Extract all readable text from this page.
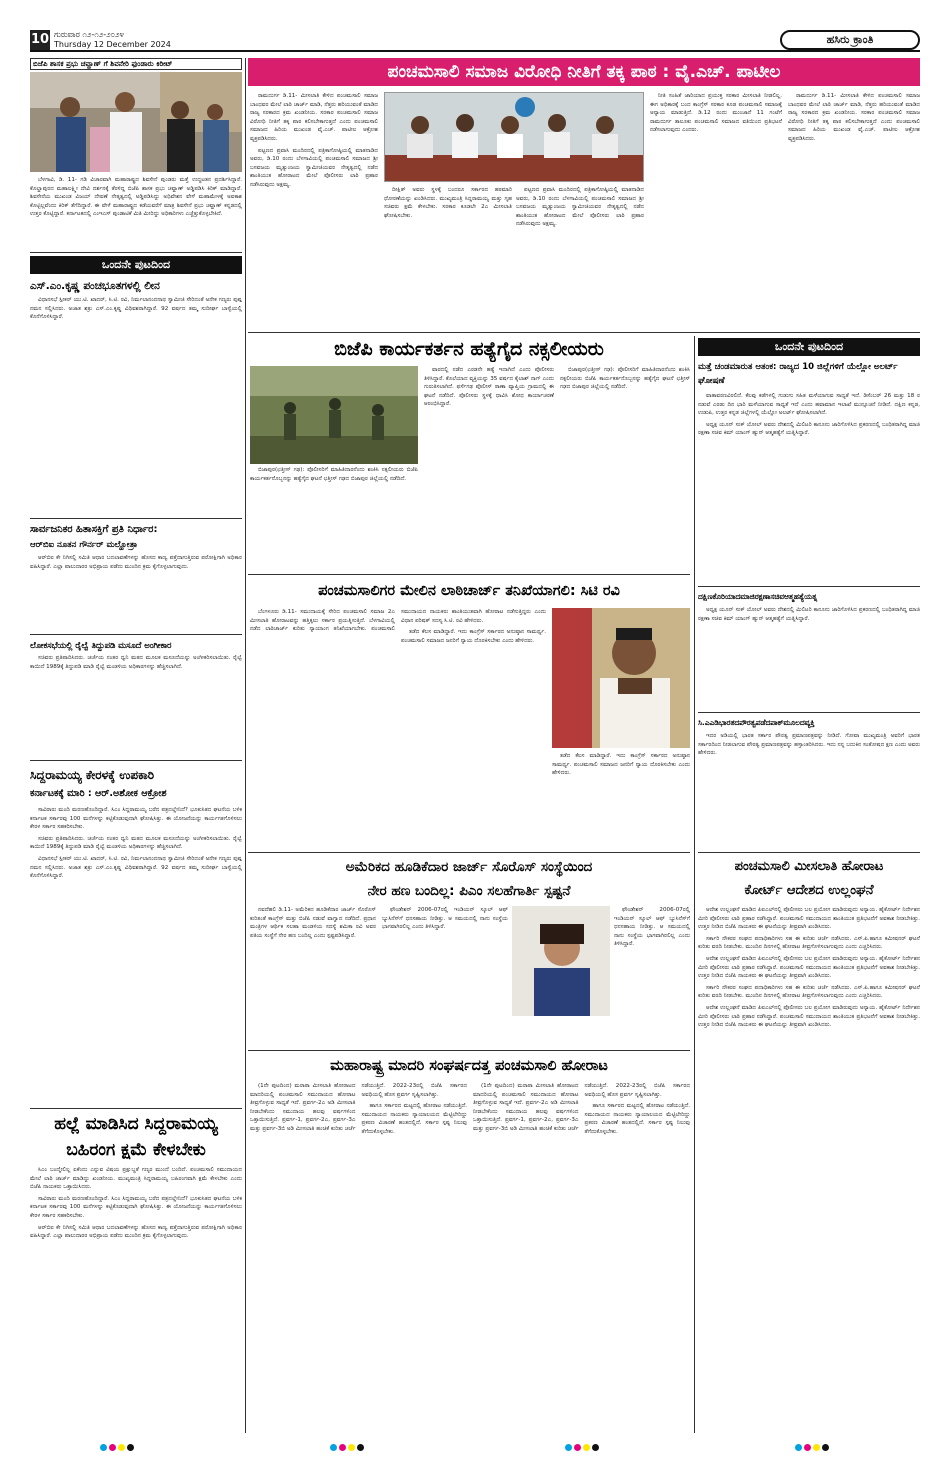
10 ಗುರುವಾರ ೧೨-೧೨-೨೦೨೪
Thursday 12 December 2024	ಹಸಿರು ಕ್ರಾಂತಿ
ಬಿಜೆಪಿ ಶಾಸಕ ಪ್ರಭು ಚವ್ಹಾಣ್ ಗೆ ಶಿವನೇರಿ ಫುಂಡಾರು ಕಿರೀಟ್

ಬೆಳಗಾವಿ, ಡಿ. 11- ಗಡಿ ವಿಚಾರವಾಗಿ ಮಹಾರಾಷ್ಟ್ರದ ಶಿವಸೇನೆ ಪುಂಡರು ಮತ್ತೆ ಉದ್ಧಟತನ ಪ್ರದರ್ಶಿಸಿದ್ದಾರೆ. ಕೊಲ್ಹಾಪುರದ ಮಹಾಲಕ್ಷ್ಮೀ ದೇವಿ ದರ್ಶನಕ್ಕೆ ತೆರಳಿದ್ದ ಬಿಜೆಪಿ ಶಾಸಕ ಪ್ರಭು ಚವ್ಹಾಣ್ ಅಡ್ಡಿಪಡಿಸಿ ಕಿರಿಕ್ ಮಾಡಿದ್ದಾರೆ. ಶಿವಸೇನೆಯ ಮುಖಂಡ ವಿಜಯ್ ದೇವಣೆ ನೇತೃತ್ವದಲ್ಲಿ ಅಡ್ಡಿಪಡಿಸಿದ್ದು ಅಧಿವೇಶನ ವೇಳೆ ಮಹಾಮೇಳಕ್ಕೆ ಅವಕಾಶ ಕೊಟ್ಟಿಲ್ಲವೆಂದು ಕಿರಿಕ್ ತೆಗೆದಿದ್ದಾರೆ. ಈ ವೇಳೆ ಮಹಾರಾಷ್ಟ್ರದ ಕಡೆಯವರೆಗೆ ಮಾತ್ರ ಶಿವಸೇನೆ ಪ್ರಭು ಚವ್ಹಾಣ್ ಕನ್ನಡದಲ್ಲಿ ಉತ್ತರ ಕೊಟ್ಟಿದ್ದಾರೆ. ಕರ್ನಾಟಕದಲ್ಲಿ ಎಂಇಎಸ್ ಪುಂಡಾಟಿಕೆ ಮಿತಿ ಮೀರಿದ್ದು ಅಧಿಕಾರಿಗಳು ಎಚ್ಚೆತ್ತುಕೊಳ್ಳಬೇಕಿದೆ.

ಪಂಚಮಸಾಲಿ ಸಮಾಜ ವಿರೋಧಿ ನೀತಿಗೆ ತಕ್ಕ ಪಾಠ : ವೈ.ಎಚ್. ಪಾಟೀಲ

ರಾಮದುರ್ಗ ಡಿ.11- ಮೀಸಲಾತಿ ಕೇಳಿದ ಪಂಚಮಸಾಲಿ ಸಮಾಜ ಬಾಂಧವರ ಮೇಲೆ ಲಾಠಿ ಚಾರ್ಜ್ ಮಾಡಿ, ನೆತ್ತರು ಹರಿಯುವಂತೆ ಮಾಡಿದ ರಾಜ್ಯ ಸರಕಾರದ ಕ್ರಮ ಖಂಡನೀಯ. ಸರಕಾರ ಪಂಚಮಸಾಲಿ ಸಮಾಜ ವಿರೋಧಿ ನೀತಿಗೆ ತಕ್ಕ ಪಾಠ ಕಲಿಸಬೇಕಾಗುತ್ತದೆ ಎಂದು ಪಂಚಮಸಾಲಿ ಸಮಾಜದ ಹಿರಿಯ ಮುಖಂಡ ವೈ.ಎಚ್. ಪಾಟೀಲ ಆಕ್ರೋಶ ವ್ಯಕ್ತಪಡಿಸಿದರು.

ಪಟ್ಟಣದ ಪ್ರವಾಸಿ ಮಂದಿರದಲ್ಲಿ ಪತ್ರಿಕಾಗೋಷ್ಠಿಯಲ್ಲಿ ಮಾತನಾಡಿದ ಅವರು, ಡಿ.10 ರಂದು ಬೆಳಗಾವಿಯಲ್ಲಿ ಪಂಚಮಸಾಲಿ ಸಮಾಜದ ಶ್ರೀ ಬಸವಜಯ ಮೃತ್ಯುಂಜಯ ಸ್ವಾಮೀಜಿಯವರ ನೇತೃತ್ವದಲ್ಲಿ ನಡೆದ ಶಾಂತಿಯುತ ಹೋರಾಟದ ಮೇಲೆ ಪೊಲೀಸರು ಲಾಠಿ ಪ್ರಹಾರ ನಡೆಸಿರುವುದು ಅಕ್ಷಮ್ಯ.

ದೀಕ್ಷಿತ್ ಅವರು ಸ್ಥಳಕ್ಕೆ ಬಂದರೂ ಸರ್ಕಾರದ ಹಠಮಾರಿ ಧೋರಣೆಯನ್ನು ಖಂಡಿಸಿದರು. ಮುಖ್ಯಮಂತ್ರಿ ಸಿದ್ದರಾಮಯ್ಯ ಮತ್ತು ಗೃಹ ಸಚಿವರು ಕ್ಷಮೆ ಕೇಳಬೇಕು. ಸರಕಾರ ಕೂಡಲೇ 2ಎ ಮೀಸಲಾತಿ ಘೋಷಿಸಬೇಕು.

ಪಟ್ಟಣದ ಪ್ರವಾಸಿ ಮಂದಿರದಲ್ಲಿ ಪತ್ರಿಕಾಗೋಷ್ಠಿಯಲ್ಲಿ ಮಾತನಾಡಿದ ಅವರು, ಡಿ.10 ರಂದು ಬೆಳಗಾವಿಯಲ್ಲಿ ಪಂಚಮಸಾಲಿ ಸಮಾಜದ ಶ್ರೀ ಬಸವಜಯ ಮೃತ್ಯುಂಜಯ ಸ್ವಾಮೀಜಿಯವರ ನೇತೃತ್ವದಲ್ಲಿ ನಡೆದ ಶಾಂತಿಯುತ ಹೋರಾಟದ ಮೇಲೆ ಪೊಲೀಸರು ಲಾಠಿ ಪ್ರಹಾರ ನಡೆಸಿರುವುದು ಅಕ್ಷಮ್ಯ.

ನೀತಿ ಸಂಹಿತೆ ಜಾರಿಯಾದ ಪ್ರಯುಕ್ತ ಸರಕಾರ ಮೀಸಲಾತಿ ನೀಡಲಿಲ್ಲ. ಈಗ ಅಧಿಕಾರಕ್ಕೆ ಬಂದ ಕಾಂಗ್ರೆಸ್ ಸರಕಾರ ಕೂಡ ಪಂಚಮಸಾಲಿ ಸಮಾಜಕ್ಕೆ ಅನ್ಯಾಯ ಮಾಡುತ್ತಿದೆ. ಡಿ.12 ರಂದು ಮುಂಜಾನೆ 11 ಗಂಟೆಗೆ ರಾಮದುರ್ಗ ತಾಲೂಕು ಪಂಚಮಸಾಲಿ ಸಮಾಜದ ವತಿಯಿಂದ ಪ್ರತಿಭಟನೆ ನಡೆಸಲಾಗುವುದು ಎಂದರು.

ರಾಮದುರ್ಗ ಡಿ.11- ಮೀಸಲಾತಿ ಕೇಳಿದ ಪಂಚಮಸಾಲಿ ಸಮಾಜ ಬಾಂಧವರ ಮೇಲೆ ಲಾಠಿ ಚಾರ್ಜ್ ಮಾಡಿ, ನೆತ್ತರು ಹರಿಯುವಂತೆ ಮಾಡಿದ ರಾಜ್ಯ ಸರಕಾರದ ಕ್ರಮ ಖಂಡನೀಯ. ಸರಕಾರ ಪಂಚಮಸಾಲಿ ಸಮಾಜ ವಿರೋಧಿ ನೀತಿಗೆ ತಕ್ಕ ಪಾಠ ಕಲಿಸಬೇಕಾಗುತ್ತದೆ ಎಂದು ಪಂಚಮಸಾಲಿ ಸಮಾಜದ ಹಿರಿಯ ಮುಖಂಡ ವೈ.ಎಚ್. ಪಾಟೀಲ ಆಕ್ರೋಶ ವ್ಯಕ್ತಪಡಿಸಿದರು.

ಬಿಜೆಪಿ ಕಾರ್ಯಕರ್ತನ ಹತ್ಯೆಗೈದ ನಕ್ಸಲೀಯರು

ಬಿಜಾಪುರ(ಛತ್ತೀಸ್ ಗಢ): ಪೊಲೀಸರಿಗೆ ಮಾಹಿತಿದಾರನೆಂದು ಶಂಕಿಸಿ ನಕ್ಸಲೀಯರು ಬಿಜೆಪಿ ಕಾರ್ಯಕರ್ತನೊಬ್ಬನನ್ನು ಹತ್ಯೆಗೈದ ಘಟನೆ ಛತ್ತೀಸ್ ಗಢದ ಬಿಜಾಪುರ ಜಿಲ್ಲೆಯಲ್ಲಿ ನಡೆದಿದೆ.

ವಾರದಲ್ಲಿ ನಡೆದ ಎರಡನೇ ಹತ್ಯೆ ಇದಾಗಿದೆ ಎಂದು ಪೊಲೀಸರು ತಿಳಿಸಿದ್ದಾರೆ. ಕೊಲೆಯಾದ ವ್ಯಕ್ತಿಯನ್ನು 35 ವರ್ಷದ ಕೈಲಾಶ್ ನಾಗ್ ಎಂದು ಗುರುತಿಸಲಾಗಿದೆ. ಫರ್ಸೆಗಢ ಪೊಲೀಸ್ ಠಾಣಾ ವ್ಯಾಪ್ತಿಯ ಗ್ರಾಮದಲ್ಲಿ ಈ ಘಟನೆ ನಡೆದಿದೆ. ಪೊಲೀಸರು ಸ್ಥಳಕ್ಕೆ ಧಾವಿಸಿ ಶೋಧ ಕಾರ್ಯಾಚರಣೆ ಆರಂಭಿಸಿದ್ದಾರೆ.

ಬಿಜಾಪುರ(ಛತ್ತೀಸ್ ಗಢ): ಪೊಲೀಸರಿಗೆ ಮಾಹಿತಿದಾರನೆಂದು ಶಂಕಿಸಿ ನಕ್ಸಲೀಯರು ಬಿಜೆಪಿ ಕಾರ್ಯಕರ್ತನೊಬ್ಬನನ್ನು ಹತ್ಯೆಗೈದ ಘಟನೆ ಛತ್ತೀಸ್ ಗಢದ ಬಿಜಾಪುರ ಜಿಲ್ಲೆಯಲ್ಲಿ ನಡೆದಿದೆ.

ಒಂದನೇ ಪುಟದಿಂದ
ಎಸ್.ಎಂ.ಕೃಷ್ಣ ಪಂಚಭೂತಗಳಲ್ಲಿ ಲೀನ

ವಿಧಾನಸಭೆ ಸ್ಪೀಕರ್ ಯು.ಟಿ. ಖಾದರ್, ಸಿ.ಟಿ. ರವಿ, ನಿರ್ಮಲಾನಂದನಾಥ ಸ್ವಾಮೀಜಿ ಸೇರಿದಂತೆ ಅನೇಕ ಗಣ್ಯರು ಪುಷ್ಪ ನಮನ ಸಲ್ಲಿಸಿದರು. ಅಜಾತ ಶತ್ರು ಎಸ್.ಎಂ.ಕೃಷ್ಣ ವಿಧಿವಶರಾಗಿದ್ದಾರೆ. 92 ವರ್ಷದ ತಮ್ಮ ಸುದೀರ್ಘ ಬಾಳ್ವೆಯಲ್ಲಿ ಕೊನೆಗೊಳಿಸಿದ್ದಾರೆ.

ಸಾರ್ವಜನಿಕರ ಹಿತಾಸಕ್ತಿಗೆ ಪ್ರತಿ ನಿರ್ಧಾರ:
ಆರ್‌ಬಿಐ ನೂತನ ಗೌರ್ನರ್ ಮಲ್ಹೋತ್ರಾ

ಆರ್‌ಬಿಐ ಕೇ ನಿಗಿಸಲ್ಲಿ ಸಮಿತಿ ಆಧಾರ ಬದಲಾವಣೆಗಳನ್ನು ಹೊಸದ ಕಾಣ್ವ ಪತ್ತೆದಾಗುತ್ತಿರುವ ಪರೋಕ್ಷಿಗಾಗಿ ಅಧಿಕಾರ ವಹಿಸಿದ್ದಾರೆ. ಎಲ್ಲಾ ಪಾಲುದಾರರ ಅಭಿಪ್ರಾಯ ಪಡೆದು ಮುಂದಿನ ಕ್ರಮ ಕೈಗೊಳ್ಳಲಾಗುವುದು.

ಲೋಕಸಭೆಯಲ್ಲಿ ರೈಲ್ವೆ ತಿದ್ದುಪಡಿ ಮಸೂದೆ ಅಂಗೀಕಾರ

ಸಚಿವರು ಪ್ರತಿಪಾದಿಸಿದರು. ಚರ್ಚೆಯ ನಂತರ ಧ್ವನಿ ಮತದ ಮೂಲಕ ಮಸೂದೆಯನ್ನು ಅಂಗೀಕರಿಸಲಾಯಿತು. ರೈಲ್ವೆ ಕಾಯಿದೆ 1989ಕ್ಕೆ ತಿದ್ದುಪಡಿ ಮಾಡಿ ರೈಲ್ವೆ ಮಂಡಳಿಯ ಅಧಿಕಾರಗಳನ್ನು ಹೆಚ್ಚಿಸಲಾಗಿದೆ.

ಸಿದ್ದರಾಮಯ್ಯ ಕೇರಳಕ್ಕೆ ಉಪಕಾರಿ
ಕರ್ನಾಟಕಕ್ಕೆ ಮಾರಿ : ಆರ್.ಅಶೋಕ ಆಕ್ರೋಶ

ಸಾವಿರಾರು ಮಂದಿ ಮರಣಹೊಂದಿದ್ದಾರೆ. ಸಿಎಂ ಸಿದ್ದರಾಮಯ್ಯ ಬರೆದ ಪತ್ರದಲ್ಲೇನಿದೆ? ಭೂಕುಸಿತದ ಘಟನೆಯ ಬಳಿಕ ಕರ್ನಾಟಕ ಸರ್ಕಾರವು 100 ಮನೆಗಳನ್ನು ಕಟ್ಟಿಕೊಡುವುದಾಗಿ ಘೋಷಿಸಿತ್ತು. ಈ ಯೋಜನೆಯನ್ನು ಕಾರ್ಯಗತಗೊಳಿಸಲು ಕೇರಳ ಸರ್ಕಾರ ಸಹಕರಿಸಬೇಕು.

ಸಚಿವರು ಪ್ರತಿಪಾದಿಸಿದರು. ಚರ್ಚೆಯ ನಂತರ ಧ್ವನಿ ಮತದ ಮೂಲಕ ಮಸೂದೆಯನ್ನು ಅಂಗೀಕರಿಸಲಾಯಿತು. ರೈಲ್ವೆ ಕಾಯಿದೆ 1989ಕ್ಕೆ ತಿದ್ದುಪಡಿ ಮಾಡಿ ರೈಲ್ವೆ ಮಂಡಳಿಯ ಅಧಿಕಾರಗಳನ್ನು ಹೆಚ್ಚಿಸಲಾಗಿದೆ.

ವಿಧಾನಸಭೆ ಸ್ಪೀಕರ್ ಯು.ಟಿ. ಖಾದರ್, ಸಿ.ಟಿ. ರವಿ, ನಿರ್ಮಲಾನಂದನಾಥ ಸ್ವಾಮೀಜಿ ಸೇರಿದಂತೆ ಅನೇಕ ಗಣ್ಯರು ಪುಷ್ಪ ನಮನ ಸಲ್ಲಿಸಿದರು. ಅಜಾತ ಶತ್ರು ಎಸ್.ಎಂ.ಕೃಷ್ಣ ವಿಧಿವಶರಾಗಿದ್ದಾರೆ. 92 ವರ್ಷದ ತಮ್ಮ ಸುದೀರ್ಘ ಬಾಳ್ವೆಯಲ್ಲಿ ಕೊನೆಗೊಳಿಸಿದ್ದಾರೆ.

ಹಲ್ಲೆ ಮಾಡಿಸಿದ ಸಿದ್ದರಾಮಯ್ಯ
ಬಹಿರಂಗ ಕ್ಷಮೆ ಕೇಳಬೇಕು

ಸಿಎಂ ಬಂದ್ಮೇಲಿಲ್ಲ ಏಕೆಂದು ಎನ್ನುವ ವಿಷಯ ಪ್ರಕ್ಷುಬ್ಧತೆ ಗಣ್ಯರ ಮುಂದೆ ಬಂದಿದೆ. ಪಂಚಮಸಾಲಿ ಸಮುದಾಯದ ಮೇಲೆ ಲಾಠಿ ಚಾರ್ಜ್ ಮಾಡಿದ್ದು ಖಂಡನೀಯ. ಮುಖ್ಯಮಂತ್ರಿ ಸಿದ್ದರಾಮಯ್ಯ ಬಹಿರಂಗವಾಗಿ ಕ್ಷಮೆ ಕೇಳಬೇಕು ಎಂದು ಬಿಜೆಪಿ ನಾಯಕರು ಒತ್ತಾಯಿಸಿದರು.

ಸಾವಿರಾರು ಮಂದಿ ಮರಣಹೊಂದಿದ್ದಾರೆ. ಸಿಎಂ ಸಿದ್ದರಾಮಯ್ಯ ಬರೆದ ಪತ್ರದಲ್ಲೇನಿದೆ? ಭೂಕುಸಿತದ ಘಟನೆಯ ಬಳಿಕ ಕರ್ನಾಟಕ ಸರ್ಕಾರವು 100 ಮನೆಗಳನ್ನು ಕಟ್ಟಿಕೊಡುವುದಾಗಿ ಘೋಷಿಸಿತ್ತು. ಈ ಯೋಜನೆಯನ್ನು ಕಾರ್ಯಗತಗೊಳಿಸಲು ಕೇರಳ ಸರ್ಕಾರ ಸಹಕರಿಸಬೇಕು.

ಆರ್‌ಬಿಐ ಕೇ ನಿಗಿಸಲ್ಲಿ ಸಮಿತಿ ಆಧಾರ ಬದಲಾವಣೆಗಳನ್ನು ಹೊಸದ ಕಾಣ್ವ ಪತ್ತೆದಾಗುತ್ತಿರುವ ಪರೋಕ್ಷಿಗಾಗಿ ಅಧಿಕಾರ ವಹಿಸಿದ್ದಾರೆ. ಎಲ್ಲಾ ಪಾಲುದಾರರ ಅಭಿಪ್ರಾಯ ಪಡೆದು ಮುಂದಿನ ಕ್ರಮ ಕೈಗೊಳ್ಳಲಾಗುವುದು.

ಪಂಚಮಸಾಲಿಗರ ಮೇಲಿನ ಲಾಠಿಚಾರ್ಜ್ ತನಿಖೆಯಾಗಲಿ: ಸಿಟಿ ರವಿ

ಬೆಂಗಳೂರು ಡಿ.11- ಸಮುದಾಯಕ್ಕೆ ಸೇರಿದ ಪಂಚಮಸಾಲಿ ಸಮಾಜ 2ಎ ಮೀಸಲಾತಿ ಹೋರಾಟವನ್ನು ಹತ್ತಿಕ್ಕಲು ಸರ್ಕಾರ ಪ್ರಯತ್ನಿಸುತ್ತಿದೆ. ಬೆಳಗಾವಿಯಲ್ಲಿ ನಡೆದ ಲಾಠಿಚಾರ್ಜ್ ಕುರಿತು ನ್ಯಾಯಾಂಗ ತನಿಖೆಯಾಗಬೇಕು. ಪಂಚಮಸಾಲಿ ಸಮುದಾಯದ ನಾಯಕರು ಶಾಂತಿಯುತವಾಗಿ ಹೋರಾಟ ನಡೆಸುತ್ತಿದ್ದರು ಎಂದು ವಿಧಾನ ಪರಿಷತ್ ಸದಸ್ಯ ಸಿ.ಟಿ. ರವಿ ಹೇಳಿದರು.

ತಡೆದ ಕೆಲಸ ಮಾಡಿದ್ದಾರೆ. ಇದು ಕಾಂಗ್ರೆಸ್ ಸರ್ಕಾರದ ಅನುಷ್ಠಾನ ಸಾಮರ್ಥ್ಯ. ಪಂಚಮಸಾಲಿ ಸಮಾಜದ ಜನರಿಗೆ ನ್ಯಾಯ ದೊರಕಿಸಬೇಕು ಎಂದು ಹೇಳಿದರು.

ತಡೆದ ಕೆಲಸ ಮಾಡಿದ್ದಾರೆ. ಇದು ಕಾಂಗ್ರೆಸ್ ಸರ್ಕಾರದ ಅನುಷ್ಠಾನ ಸಾಮರ್ಥ್ಯ. ಪಂಚಮಸಾಲಿ ಸಮಾಜದ ಜನರಿಗೆ ನ್ಯಾಯ ದೊರಕಿಸಬೇಕು ಎಂದು ಹೇಳಿದರು.

ಅಮೆರಿಕದ ಹೂಡಿಕೆದಾರ ಜಾರ್ಜ್ ಸೊರೊಸ್ ಸಂಸ್ಥೆಯಿಂದ
ನೇರ ಹಣ ಬಂದಿಲ್ಲ: ಪಿಎಂ ಸಲಹೆಗಾರ್ತಿ ಸ್ಪಷ್ಟನೆ

ನವದೆಹಲಿ ಡಿ.11- ಅಮೆರಿಕದ ಹೂಡಿಕೆದಾರ ಜಾರ್ಜ್ ಸೊರೊಸ್ ಕುರಿತಂತೆ ಕಾಂಗ್ರೆಸ್ ಮತ್ತು ಬಿಜೆಪಿ ನಡುವೆ ವಾಗ್ವಾದ ನಡೆದಿದೆ. ಪ್ರಧಾನ ಮಂತ್ರಿಗಳ ಆರ್ಥಿಕ ಸಲಹಾ ಮಂಡಳಿಯ ಸದಸ್ಯೆ ಶಮಿಕಾ ರವಿ ಅವರ ಪತಿಯ ಸಂಸ್ಥೆಗೆ ನೇರ ಹಣ ಬಂದಿಲ್ಲ ಎಂದು ಸ್ಪಷ್ಟಪಡಿಸಿದ್ದಾರೆ.

ಫೌಂಡೇಶನ್ 2006-07ರಲ್ಲಿ ಇಂಡಿಯನ್ ಸ್ಕೂಲ್ ಆಫ್ ಬ್ಯುಸಿನೆಸ್‌ಗೆ ಧನಸಹಾಯ ನೀಡಿತ್ತು. ಆ ಸಮಯದಲ್ಲಿ ನಾನು ಸಂಸ್ಥೆಯ ಭಾಗವಾಗಿರಲಿಲ್ಲ ಎಂದು ತಿಳಿಸಿದ್ದಾರೆ.

ಫೌಂಡೇಶನ್ 2006-07ರಲ್ಲಿ ಇಂಡಿಯನ್ ಸ್ಕೂಲ್ ಆಫ್ ಬ್ಯುಸಿನೆಸ್‌ಗೆ ಧನಸಹಾಯ ನೀಡಿತ್ತು. ಆ ಸಮಯದಲ್ಲಿ ನಾನು ಸಂಸ್ಥೆಯ ಭಾಗವಾಗಿರಲಿಲ್ಲ ಎಂದು ತಿಳಿಸಿದ್ದಾರೆ.

ಮಹಾರಾಷ್ಟ್ರ ಮಾದರಿ ಸಂಘರ್ಷದತ್ತ ಪಂಚಮಸಾಲಿ ಹೋರಾಟ

(1ನೇ ಪುಟದಿಂದ) ಮರಾಠಾ ಮೀಸಲಾತಿ ಹೋರಾಟದ ಮಾದರಿಯಲ್ಲಿ ಪಂಚಮಸಾಲಿ ಸಮುದಾಯದ ಹೋರಾಟ ತೀವ್ರಗೊಳ್ಳುವ ಸಾಧ್ಯತೆ ಇದೆ. ಪ್ರವರ್ಗ-2ಎ ಅಡಿ ಮೀಸಲಾತಿ ನೀಡಬೇಕೆಂದು ಸಮುದಾಯ ಹಲವು ವರ್ಷಗಳಿಂದ ಒತ್ತಾಯಿಸುತ್ತಿದೆ. ಪ್ರವರ್ಗ-1, ಪ್ರವರ್ಗ-2ಎ, ಪ್ರವರ್ಗ-3ಎ ಮತ್ತು ಪ್ರವರ್ಗ-3ಬಿ ಅಡಿ ಮೀಸಲಾತಿ ಹಂಚಿಕೆ ಕುರಿತು ಚರ್ಚೆ ನಡೆಯುತ್ತಿದೆ. 2022-23ರಲ್ಲಿ ಬಿಜೆಪಿ ಸರ್ಕಾರದ ಅವಧಿಯಲ್ಲಿ ಹೊಸ ಪ್ರವರ್ಗ ಸೃಷ್ಟಿಸಲಾಗಿತ್ತು.

ಹಾಗೂ ಸರ್ಕಾರದ ಮಟ್ಟದಲ್ಲಿ ಹೋರಾಟ ನಡೆಯುತ್ತಿದೆ. ಸಮುದಾಯದ ನಾಯಕರು ನ್ಯಾಯಾಲಯದ ಮೆಟ್ಟಿಲೇರಿದ್ದು ಪ್ರಕರಣ ವಿಚಾರಣೆ ಹಂತದಲ್ಲಿದೆ. ಸರ್ಕಾರ ಸ್ಪಷ್ಟ ನಿಲುವು ತೆಗೆದುಕೊಳ್ಳಬೇಕು.

(1ನೇ ಪುಟದಿಂದ) ಮರಾಠಾ ಮೀಸಲಾತಿ ಹೋರಾಟದ ಮಾದರಿಯಲ್ಲಿ ಪಂಚಮಸಾಲಿ ಸಮುದಾಯದ ಹೋರಾಟ ತೀವ್ರಗೊಳ್ಳುವ ಸಾಧ್ಯತೆ ಇದೆ. ಪ್ರವರ್ಗ-2ಎ ಅಡಿ ಮೀಸಲಾತಿ ನೀಡಬೇಕೆಂದು ಸಮುದಾಯ ಹಲವು ವರ್ಷಗಳಿಂದ ಒತ್ತಾಯಿಸುತ್ತಿದೆ. ಪ್ರವರ್ಗ-1, ಪ್ರವರ್ಗ-2ಎ, ಪ್ರವರ್ಗ-3ಎ ಮತ್ತು ಪ್ರವರ್ಗ-3ಬಿ ಅಡಿ ಮೀಸಲಾತಿ ಹಂಚಿಕೆ ಕುರಿತು ಚರ್ಚೆ ನಡೆಯುತ್ತಿದೆ. 2022-23ರಲ್ಲಿ ಬಿಜೆಪಿ ಸರ್ಕಾರದ ಅವಧಿಯಲ್ಲಿ ಹೊಸ ಪ್ರವರ್ಗ ಸೃಷ್ಟಿಸಲಾಗಿತ್ತು.

ಹಾಗೂ ಸರ್ಕಾರದ ಮಟ್ಟದಲ್ಲಿ ಹೋರಾಟ ನಡೆಯುತ್ತಿದೆ. ಸಮುದಾಯದ ನಾಯಕರು ನ್ಯಾಯಾಲಯದ ಮೆಟ್ಟಿಲೇರಿದ್ದು ಪ್ರಕರಣ ವಿಚಾರಣೆ ಹಂತದಲ್ಲಿದೆ. ಸರ್ಕಾರ ಸ್ಪಷ್ಟ ನಿಲುವು ತೆಗೆದುಕೊಳ್ಳಬೇಕು.

ಒಂದನೇ ಪುಟದಿಂದ
ಮತ್ತೆ ಚಂಡಮಾರುತ ಆತಂಕ: ರಾಜ್ಯದ 10 ಜಿಲ್ಲೆಗಳಿಗೆ ಯೆಲ್ಲೋ ಅಲರ್ಟ್ ಘೋಷಣೆ

ವಾತಾವರಣವಿರಲಿದೆ. ಕೆಲವು ಕಡೆಗಳಲ್ಲಿ ಗುಡುಗು ಸಹಿತ ಮಳೆಯಾಗುವ ಸಾಧ್ಯತೆ ಇದೆ. ಡಿಸೆಂಬರ್ 26 ಮತ್ತು 18 ರ ನಡುವೆ ಎರಡು ದಿನ ಭಾರಿ ಮಳೆಯಾಗುವ ಸಾಧ್ಯತೆ ಇದೆ ಎಂದು ಹವಾಮಾನ ಇಲಾಖೆ ಮುನ್ಸೂಚನೆ ನೀಡಿದೆ. ದಕ್ಷಿಣ ಕನ್ನಡ, ಉಡುಪಿ, ಉತ್ತರ ಕನ್ನಡ ಜಿಲ್ಲೆಗಳಲ್ಲಿ ಯೆಲ್ಲೋ ಅಲರ್ಟ್ ಘೋಷಿಸಲಾಗಿದೆ.

ಅಧ್ಯಕ್ಷ ಯೂನ್ ಸುಕ್ ಯೋಲ್ ಅವರು ದೇಶದಲ್ಲಿ ಮಿಲಿಟರಿ ಕಾನೂನು ಜಾರಿಗೊಳಿಸಿದ ಪ್ರಕರಣದಲ್ಲಿ ಬಂಧಿತರಾಗಿದ್ದ ಮಾಜಿ ರಕ್ಷಣಾ ಸಚಿವ ಕಿಮ್ ಯಾಂಗ್ ಹ್ಯುನ್ ಆತ್ಮಹತ್ಯೆಗೆ ಯತ್ನಿಸಿದ್ದಾರೆ.

ದಕ್ಷಿಣಕೊರಿಯಾದಮಾಜಿರಕ್ಷಣಾಸಚಿವಆತ್ಮಹತ್ಯೆಯತ್ನ

ಅಧ್ಯಕ್ಷ ಯೂನ್ ಸುಕ್ ಯೋಲ್ ಅವರು ದೇಶದಲ್ಲಿ ಮಿಲಿಟರಿ ಕಾನೂನು ಜಾರಿಗೊಳಿಸಿದ ಪ್ರಕರಣದಲ್ಲಿ ಬಂಧಿತರಾಗಿದ್ದ ಮಾಜಿ ರಕ್ಷಣಾ ಸಚಿವ ಕಿಮ್ ಯಾಂಗ್ ಹ್ಯುನ್ ಆತ್ಮಹತ್ಯೆಗೆ ಯತ್ನಿಸಿದ್ದಾರೆ.

ಸಿ.ಎಎಡಿಭಾರತದಪೌರತ್ವಪಡೆದಪಾಕ್‌ಮೂಲದವ್ಯಕ್ತಿ

ಇದರ ಅಡಿಯಲ್ಲಿ ಭಾರತ ಸರ್ಕಾರ ಪೌರತ್ವ ಪ್ರಮಾಣಪತ್ರವನ್ನು ನೀಡಿದೆ. ಗೋವಾ ಮುಖ್ಯಮಂತ್ರಿ ಅವರಿಗೆ ಭಾರತ ಸರ್ಕಾರದಿಂದ ನೀಡಲಾಗುವ ಪೌರತ್ವ ಪ್ರಮಾಣಪತ್ರವನ್ನು ಹಸ್ತಾಂತರಿಸಿದರು. ಇದು ನನ್ನ ಬದುಕಿನ ಸಂತೋಷದ ಕ್ಷಣ ಎಂದು ಅವರು ಹೇಳಿದರು.

ಪಂಚಮಸಾಲಿ ಮೀಸಲಾತಿ ಹೋರಾಟ
ಕೋರ್ಟ್ ಆದೇಶದ ಉಲ್ಲಂಘನೆ

ಆದೇಶ ಉಲ್ಲಂಘನೆ ಮಾಡಿದ ಪಿಐಎಲ್‌ನಲ್ಲಿ ಪೊಲೀಸರು ಬಲ ಪ್ರಯೋಗ ಮಾಡಿರುವುದು ಅನ್ಯಾಯ. ಹೈಕೋರ್ಟ್ ನಿರ್ದೇಶನ ಮೀರಿ ಪೊಲೀಸರು ಲಾಠಿ ಪ್ರಹಾರ ನಡೆಸಿದ್ದಾರೆ. ಪಂಚಮಸಾಲಿ ಸಮುದಾಯದ ಶಾಂತಿಯುತ ಪ್ರತಿಭಟನೆಗೆ ಅವಕಾಶ ನೀಡಬೇಕಿತ್ತು. ಉತ್ತರ ನೀಡಿದ ಬಿಜೆಪಿ ನಾಯಕರು ಈ ಘಟನೆಯನ್ನು ತೀವ್ರವಾಗಿ ಖಂಡಿಸಿದರು.

ಸರ್ಕಾರಿ ನೌಕರರ ಸಂಘದ ಪದಾಧಿಕಾರಿಗಳು ಸಹ ಈ ಕುರಿತು ಚರ್ಚೆ ನಡೆಸಿದರು. ಎಸ್.ಪಿ.ಹಾಗೂ ಕಮೀಷನರ್ ಘಟನೆ ಕುರಿತು ವರದಿ ನೀಡಬೇಕು. ಮುಂದಿನ ದಿನಗಳಲ್ಲಿ ಹೋರಾಟ ತೀವ್ರಗೊಳಿಸಲಾಗುವುದು ಎಂದು ಎಚ್ಚರಿಸಿದರು.

ಆದೇಶ ಉಲ್ಲಂಘನೆ ಮಾಡಿದ ಪಿಐಎಲ್‌ನಲ್ಲಿ ಪೊಲೀಸರು ಬಲ ಪ್ರಯೋಗ ಮಾಡಿರುವುದು ಅನ್ಯಾಯ. ಹೈಕೋರ್ಟ್ ನಿರ್ದೇಶನ ಮೀರಿ ಪೊಲೀಸರು ಲಾಠಿ ಪ್ರಹಾರ ನಡೆಸಿದ್ದಾರೆ. ಪಂಚಮಸಾಲಿ ಸಮುದಾಯದ ಶಾಂತಿಯುತ ಪ್ರತಿಭಟನೆಗೆ ಅವಕಾಶ ನೀಡಬೇಕಿತ್ತು. ಉತ್ತರ ನೀಡಿದ ಬಿಜೆಪಿ ನಾಯಕರು ಈ ಘಟನೆಯನ್ನು ತೀವ್ರವಾಗಿ ಖಂಡಿಸಿದರು.

ಸರ್ಕಾರಿ ನೌಕರರ ಸಂಘದ ಪದಾಧಿಕಾರಿಗಳು ಸಹ ಈ ಕುರಿತು ಚರ್ಚೆ ನಡೆಸಿದರು. ಎಸ್.ಪಿ.ಹಾಗೂ ಕಮೀಷನರ್ ಘಟನೆ ಕುರಿತು ವರದಿ ನೀಡಬೇಕು. ಮುಂದಿನ ದಿನಗಳಲ್ಲಿ ಹೋರಾಟ ತೀವ್ರಗೊಳಿಸಲಾಗುವುದು ಎಂದು ಎಚ್ಚರಿಸಿದರು.

ಆದೇಶ ಉಲ್ಲಂಘನೆ ಮಾಡಿದ ಪಿಐಎಲ್‌ನಲ್ಲಿ ಪೊಲೀಸರು ಬಲ ಪ್ರಯೋಗ ಮಾಡಿರುವುದು ಅನ್ಯಾಯ. ಹೈಕೋರ್ಟ್ ನಿರ್ದೇಶನ ಮೀರಿ ಪೊಲೀಸರು ಲಾಠಿ ಪ್ರಹಾರ ನಡೆಸಿದ್ದಾರೆ. ಪಂಚಮಸಾಲಿ ಸಮುದಾಯದ ಶಾಂತಿಯುತ ಪ್ರತಿಭಟನೆಗೆ ಅವಕಾಶ ನೀಡಬೇಕಿತ್ತು. ಉತ್ತರ ನೀಡಿದ ಬಿಜೆಪಿ ನಾಯಕರು ಈ ಘಟನೆಯನ್ನು ತೀವ್ರವಾಗಿ ಖಂಡಿಸಿದರು.
